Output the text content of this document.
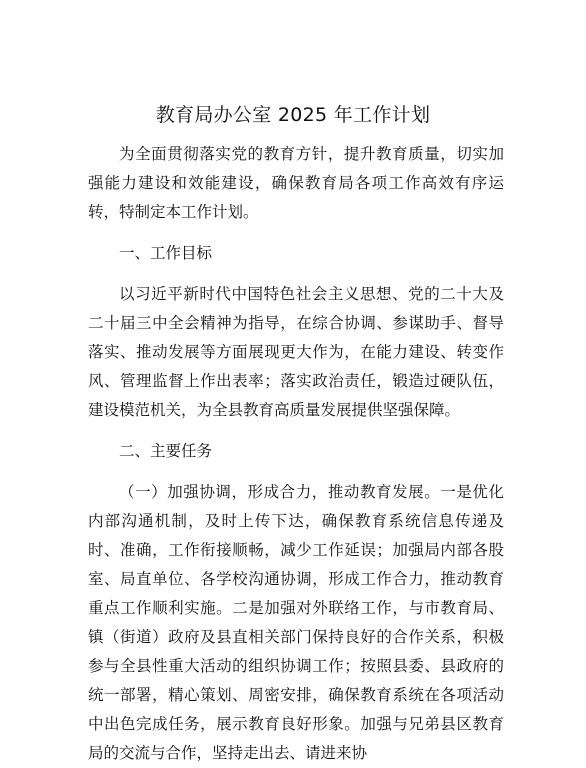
教育局办公室 2025 年工作计划

为全面贯彻落实党的教育方针，提升教育质量，切实加强能力建设和效能建设，确保教育局各项工作高效有序运转，特制定本工作计划。

一、工作目标

以习近平新时代中国特色社会主义思想、党的二十大及二十届三中全会精神为指导，在综合协调、参谋助手、督导落实、推动发展等方面展现更大作为，在能力建设、转变作风、管理监督上作出表率；落实政治责任，锻造过硬队伍，建设模范机关，为全县教育高质量发展提供坚强保障。

二、主要任务

（一）加强协调，形成合力，推动教育发展。一是优化内部沟通机制，及时上传下达，确保教育系统信息传递及时、准确，工作衔接顺畅，减少工作延误；加强局内部各股室、局直单位、各学校沟通协调，形成工作合力，推动教育重点工作顺利实施。二是加强对外联络工作，与市教育局、镇（街道）政府及县直相关部门保持良好的合作关系，积极参与全县性重大活动的组织协调工作；按照县委、县政府的统一部署，精心策划、周密安排，确保教育系统在各项活动中出色完成任务，展示教育良好形象。加强与兄弟县区教育局的交流与合作，坚持走出去、请进来协
